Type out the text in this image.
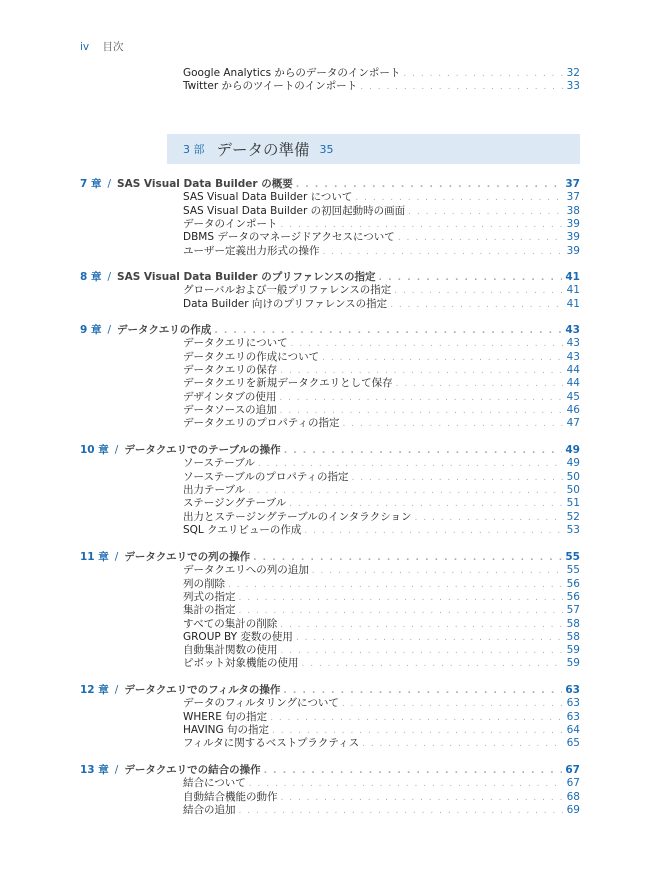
iv 目次
Google Analytics からのデータのインポート . . .	32
Twitter からのツイートのインポート . . .	33
3 部 データの準備 35
7 章 / SAS Visual Data Builder の概要 . . .	37
SAS Visual Data Builder について . . .	37
SAS Visual Data Builder の初回起動時の画面 . . .	38
データのインポート . . .	39
DBMS データのマネージドアクセスについて . . .	39
ユーザー定義出力形式の操作 . . .	39
8 章 / SAS Visual Data Builder のプリファレンスの指定 . . .	41
グローバルおよび一般プリファレンスの指定 . . .	41
Data Builder 向けのプリファレンスの指定 . . .	41
9 章 / データクエリの作成 . . .	43
データクエリについて . . .	43
データクエリの作成について . . .	43
データクエリの保存 . . .	44
データクエリを新規データクエリとして保存 . . .	44
デザインタブの使用 . . .	45
データソースの追加 . . .	46
データクエリのプロパティの指定 . . .	47
10 章 / データクエリでのテーブルの操作 . . .	49
ソーステーブル . . .	49
ソーステーブルのプロパティの指定 . . .	50
出力テーブル . . .	50
ステージングテーブル . . .	51
出力とステージングテーブルのインタラクション . . .	52
SQL クエリビューの作成 . . .	53
11 章 / データクエリでの列の操作 . . .	55
データクエリへの列の追加 . . .	55
列の削除 . . .	56
列式の指定 . . .	56
集計の指定 . . .	57
すべての集計の削除 . . .	58
GROUP BY 変数の使用 . . .	58
自動集計関数の使用 . . .	59
ピボット対象機能の使用 . . .	59
12 章 / データクエリでのフィルタの操作 . . .	63
データのフィルタリングについて . . .	63
WHERE 句の指定 . . .	63
HAVING 句の指定 . . .	64
フィルタに関するベストプラクティス . . .	65
13 章 / データクエリでの結合の操作 . . .	67
結合について . . .	67
自動結合機能の動作 . . .	68
結合の追加 . . .	69
